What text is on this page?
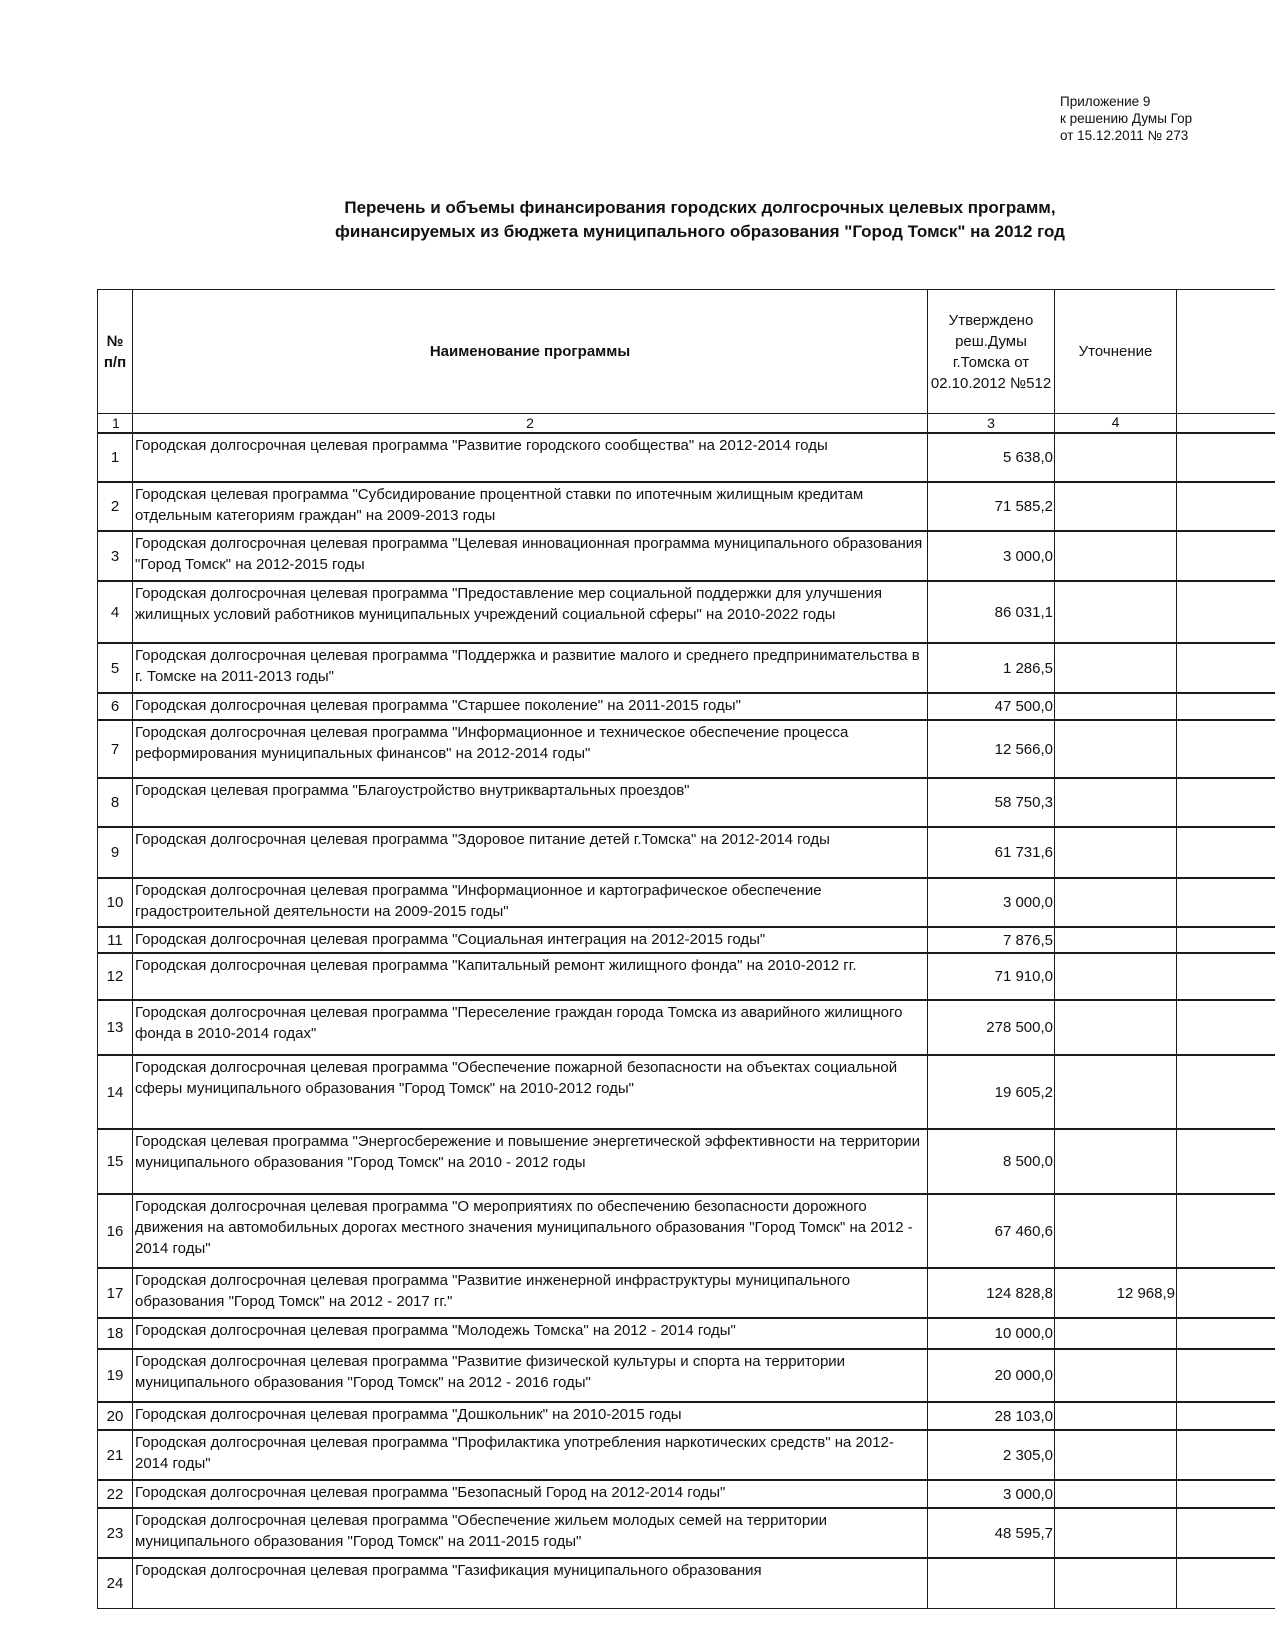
Приложение 9
к решению Думы Гор
от 15.12.2011 № 273
Перечень и объемы финансирования городских долгосрочных целевых программ,
финансируемых из бюджета муниципального образования "Город Томск" на 2012 год
№ п/п	Наименование программы	Утверждено реш.Думы г.Томска от 02.10.2012 №512	Уточнение	
1	2	3	4	
1	Городская долгосрочная целевая программа "Развитие городского сообщества" на 2012-2014 годы	5 638,0		
2	Городская целевая программа "Субсидирование процентной ставки по ипотечным жилищным кредитам отдельным категориям граждан" на 2009-2013 годы	71 585,2		
3	Городская долгосрочная целевая программа "Целевая инновационная программа муниципального образования "Город Томск" на 2012-2015 годы	3 000,0		
4	Городская долгосрочная целевая программа "Предоставление мер социальной поддержки для улучшения жилищных условий работников муниципальных учреждений социальной сферы" на 2010-2022 годы	86 031,1		
5	Городская долгосрочная целевая программа "Поддержка и развитие малого и среднего предпринимательства в г. Томске на 2011-2013 годы"	1 286,5		
6	Городская долгосрочная целевая программа "Старшее поколение" на 2011-2015 годы"	47 500,0		
7	Городская долгосрочная целевая программа "Информационное и техническое обеспечение процесса реформирования муниципальных финансов" на 2012-2014 годы"	12 566,0		
8	Городская целевая программа "Благоустройство внутриквартальных проездов"	58 750,3		
9	Городская долгосрочная целевая программа "Здоровое питание детей г.Томска" на 2012-2014 годы	61 731,6		
10	Городская долгосрочная целевая программа "Информационное и картографическое обеспечение градостроительной деятельности на 2009-2015 годы"	3 000,0		
11	Городская долгосрочная целевая программа "Социальная интеграция на 2012-2015 годы"	7 876,5		
12	Городская долгосрочная целевая программа "Капитальный ремонт жилищного фонда" на 2010-2012 гг.	71 910,0		
13	Городская долгосрочная целевая программа "Переселение граждан города Томска из аварийного жилищного фонда в 2010-2014 годах"	278 500,0		
14	Городская долгосрочная целевая программа "Обеспечение пожарной безопасности на объектах социальной сферы муниципального образования "Город Томск" на 2010-2012 годы"	19 605,2		
15	Городская целевая программа "Энергосбережение и повышение энергетической эффективности на территории муниципального образования "Город Томск" на 2010 - 2012 годы	8 500,0		
16	Городская долгосрочная целевая программа "О мероприятиях по обеспечению безопасности дорожного движения на автомобильных дорогах местного значения муниципального образования "Город Томск" на 2012 - 2014 годы"	67 460,6		
17	Городская долгосрочная целевая программа "Развитие инженерной инфраструктуры муниципального образования "Город Томск" на 2012 - 2017 гг."	124 828,8	12 968,9	
18	Городская долгосрочная целевая программа "Молодежь Томска" на 2012 - 2014 годы"	10 000,0		
19	Городская долгосрочная целевая программа "Развитие физической культуры и спорта на территории муниципального образования "Город Томск" на 2012 - 2016 годы"	20 000,0		
20	Городская долгосрочная целевая программа "Дошкольник" на 2010-2015 годы	28 103,0		
21	Городская долгосрочная целевая программа "Профилактика употребления наркотических средств" на 2012-2014 годы"	2 305,0		
22	Городская долгосрочная целевая программа "Безопасный Город на 2012-2014 годы"	3 000,0		
23	Городская долгосрочная целевая программа "Обеспечение жильем молодых семей на территории муниципального образования "Город Томск" на 2011-2015 годы"	48 595,7		
24	Городская долгосрочная целевая программа "Газификация муниципального образования			
